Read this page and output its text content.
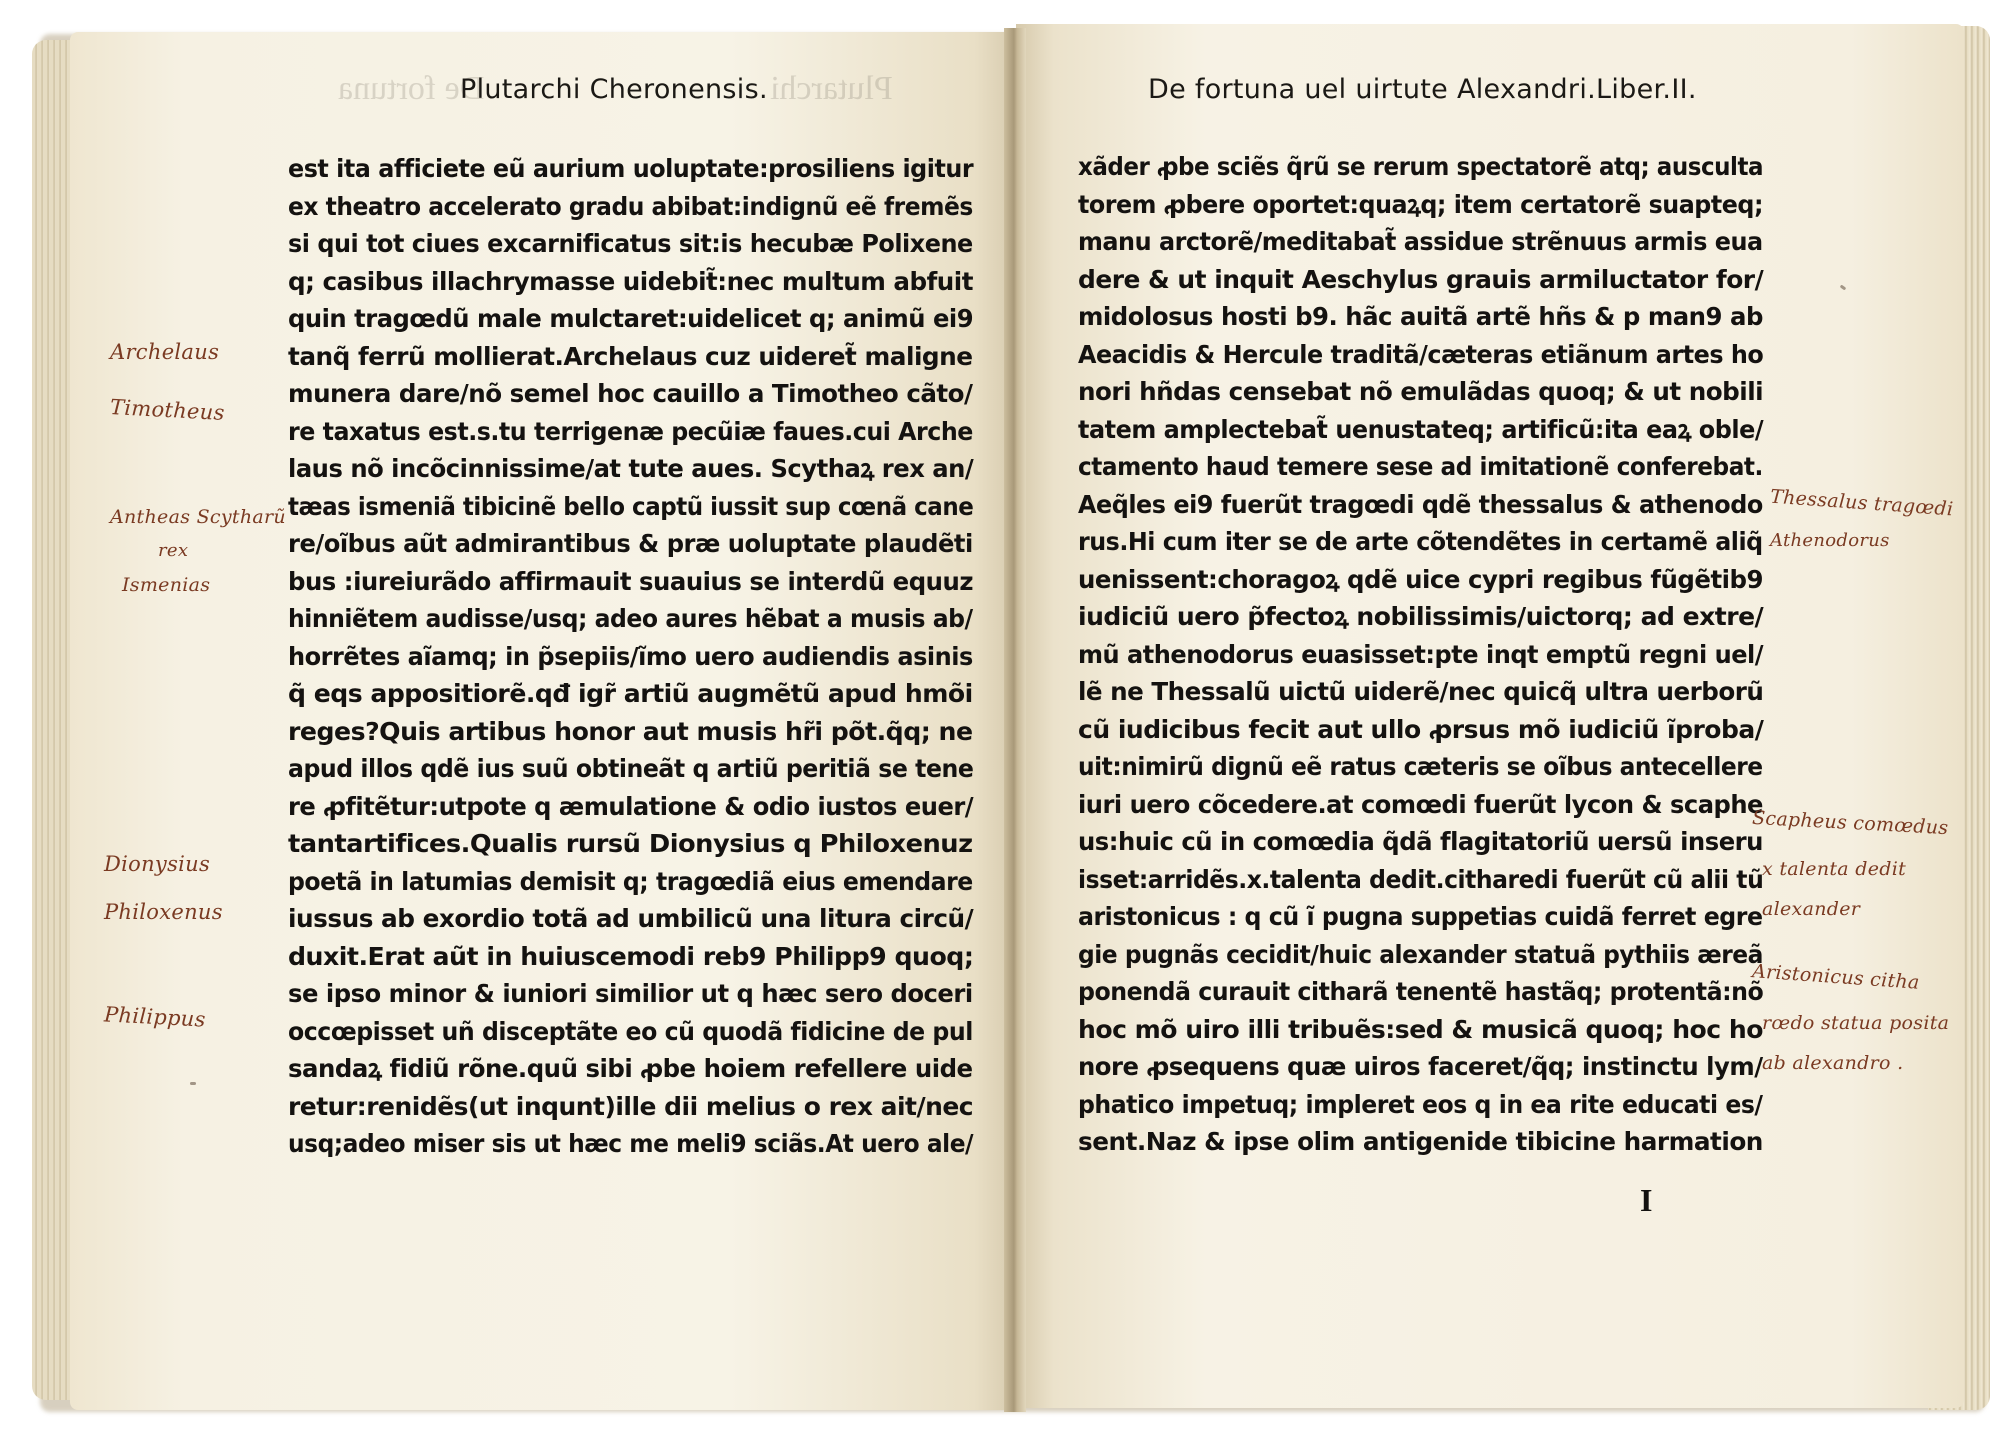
De fortuna	Plutarchi
Plutarchi Cheronensis.	De fortuna uel uirtute Alexandri.Liber.II.
est ita afficiete eũ aurium uoluptate:prosiliens igitur
ex theatro accelerato gradu abibat:indignũ eẽ fremẽs
si qui tot ciues excarnificatus sit:is hecubæ Polixene
q; casibus illachrymasse uidebit̃:nec multum abfuit
quin tragœdũ male mulctaret:uidelicet q; animũ ei9
tanq̃ ferrũ mollierat.Archelaus cuz uideret̃ maligne
munera dare/nõ semel hoc cauillo a Timotheo cãto/
re taxatus est.s.tu terrigenæ pecũiæ faues.cui Arche
laus nõ incõcinnissime/at tute aues. Scythaꝝ rex an/
tæas ismeniã tibicinẽ bello captũ iussit sup cœnã cane
re/oĩbus aũt admirantibus & præ uoluptate plaudẽti
bus :iureiurãdo affirmauit suauius se interdũ equuz
hinniẽtem audisse/usq; adeo aures hẽbat a musis ab/
horrẽtes aĩamq; in p̃sepiis/ĩmo uero audiendis asinis
q̃ eqs appositiorẽ.qđ igr̃ artiũ augmẽtũ apud hmõi
reges?Quis artibus honor aut musis hr̃i põt.q̃q; ne
apud illos qdẽ ius suũ obtineãt q artiũ peritiã se tene
re ꝓfitẽtur:utpote q æmulatione & odio iustos euer/
tantartifices.Qualis rursũ Dionysius q Philoxenuz
poetã in latumias demisit q; tragœdiã eius emendare
iussus ab exordio totã ad umbilicũ una litura circũ/
duxit.Erat aũt in huiuscemodi reb9 Philipp9 quoq;
se ipso minor & iuniori similior ut q hæc sero doceri
occœpisset uñ disceptãte eo cũ quodã fidicine de pul
sandaꝝ fidiũ rõne.quũ sibi ꝓbe hoiem refellere uide
retur:renidẽs(ut inqunt)ille dii melius o rex ait/nec
usq;adeo miser sis ut hæc me meli9 sciãs.At uero ale/
xãder ꝓbe sciẽs q̃rũ se rerum spectatorẽ atq; ausculta
torem ꝓbere oportet:quaꝝq; item certatorẽ suapteq;
manu arctorẽ/meditabat̃ assidue strẽnuus armis eua
dere & ut inquit Aeschylus grauis armiluctator for/
midolosus hosti b9. hãc auitã artẽ hñs & p man9 ab
Aeacidis & Hercule traditã/cæteras etiãnum artes ho
nori hñdas censebat nõ emulãdas quoq; & ut nobili
tatem amplectebat̃ uenustateq; artificũ:ita eaꝝ oble/
ctamento haud temere sese ad imitationẽ conferebat.
Aeq̃les ei9 fuerũt tragœdi qdẽ thessalus & athenodo
rus.Hi cum iter se de arte cõtendẽtes in certamẽ aliq̃
uenissent:choragoꝝ qdẽ uice cypri regibus fũgẽtib9
iudiciũ uero p̃fectoꝝ nobilissimis/uictorq; ad extre/
mũ athenodorus euasisset:pte inqt emptũ regni uel/
lẽ ne Thessalũ uictũ uiderẽ/nec quicq̃ ultra uerborũ
cũ iudicibus fecit aut ullo ꝓrsus mõ iudiciũ ĩproba/
uit:nimirũ dignũ eẽ ratus cæteris se oĩbus antecellere
iuri uero cõcedere.at comœdi fuerũt lycon & scaphe
us:huic cũ in comœdia q̃dã flagitatoriũ uersũ inseru
isset:arridẽs.x.talenta dedit.citharedi fuerũt cũ alii tũ
aristonicus : q cũ ĩ pugna suppetias cuidã ferret egre
gie pugnãs cecidit/huic alexander statuã pythiis æreã
ponendã curauit citharã tenentẽ hastãq; protentã:nõ
hoc mõ uiro illi tribuẽs:sed & musicã quoq; hoc ho
nore ꝓsequens quæ uiros faceret/q̃q; instinctu lym/
phatico impetuq; impleret eos q in ea rite educati es/
sent.Naz & ipse olim antigenide tibicine harmation
I
Archelaus
Timotheus
Antheas Scytharũ
rex
Ismenias
Dionysius
Philoxenus
Philippus
Thessalus tragœdi
Athenodorus
Scapheus comœdus
x talenta dedit
alexander
Aristonicus citha
rœdo statua posita
ab alexandro .
